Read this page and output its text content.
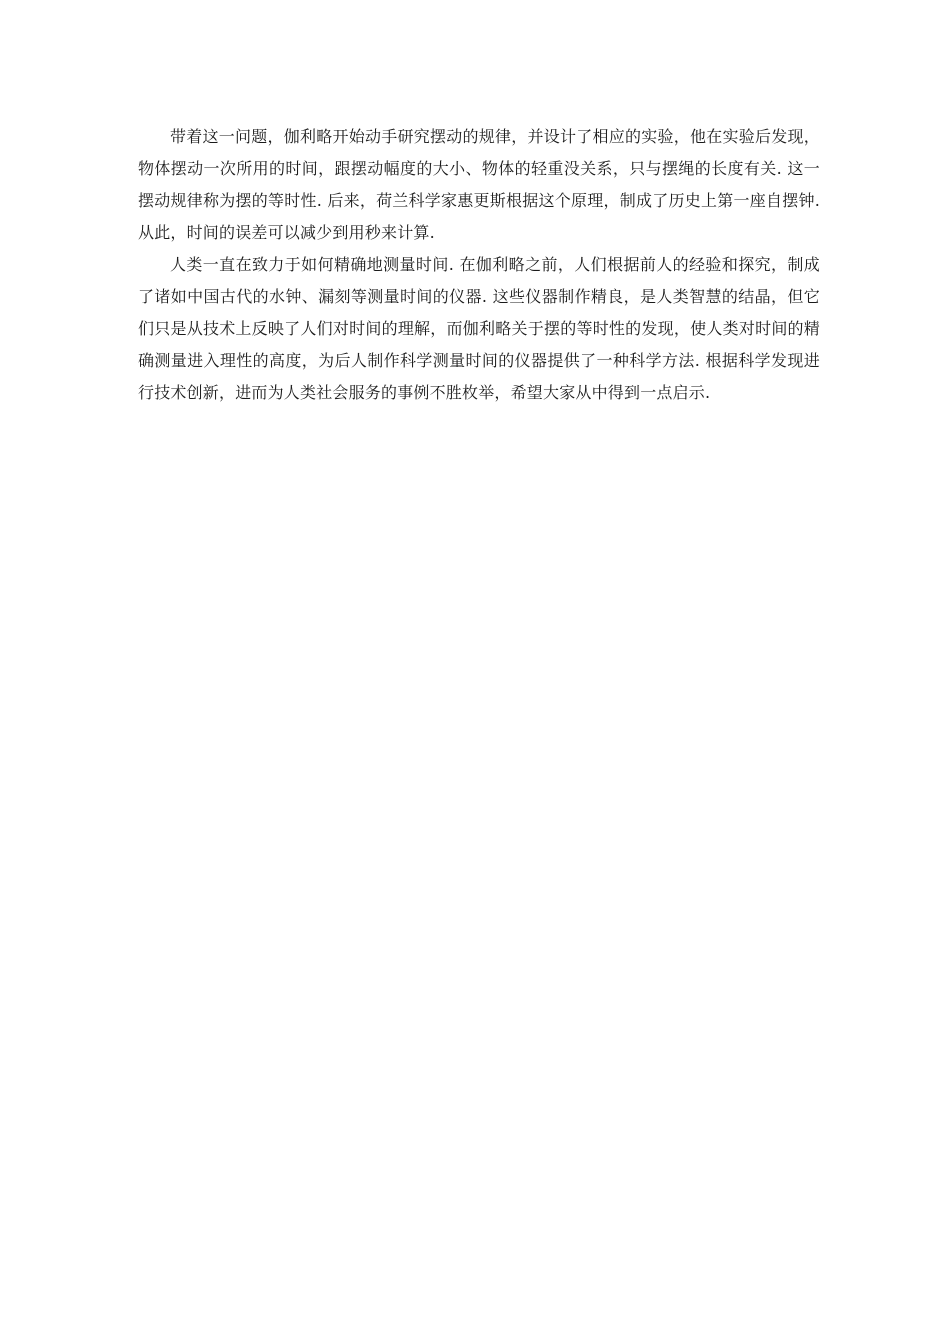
带着这一问题，伽利略开始动手研究摆动的规律，并设计了相应的实验，他在实验后发现，物体摆动一次所用的时间，跟摆动幅度的大小、物体的轻重没关系，只与摆绳的长度有关. 这一摆动规律称为摆的等时性. 后来，荷兰科学家惠更斯根据这个原理，制成了历史上第一座自摆钟. 从此，时间的误差可以减少到用秒来计算.

人类一直在致力于如何精确地测量时间. 在伽利略之前，人们根据前人的经验和探究，制成了诸如中国古代的水钟、漏刻等测量时间的仪器. 这些仪器制作精良，是人类智慧的结晶，但它们只是从技术上反映了人们对时间的理解，而伽利略关于摆的等时性的发现，使人类对时间的精确测量进入理性的高度，为后人制作科学测量时间的仪器提供了一种科学方法. 根据科学发现进行技术创新，进而为人类社会服务的事例不胜枚举，希望大家从中得到一点启示.
